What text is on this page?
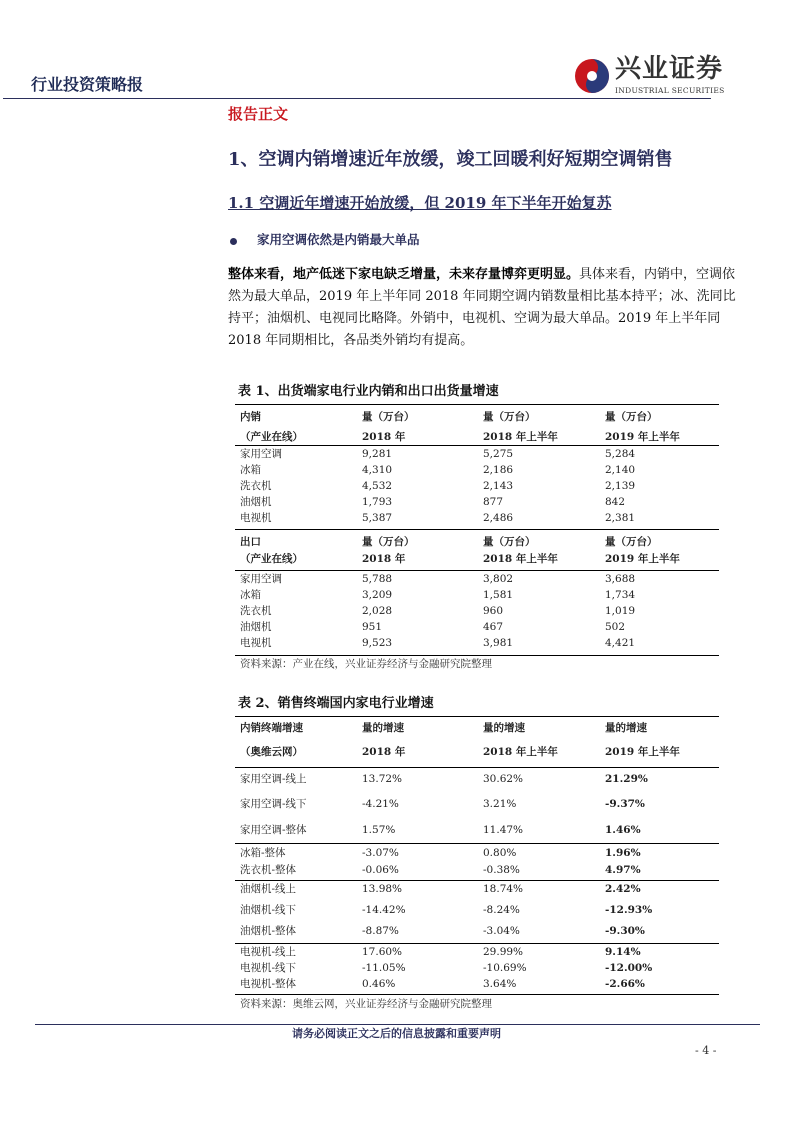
行业投资策略报
兴业证券
INDUSTRIAL SECURITIES
报告正文
1、空调内销增速近年放缓，竣工回暖利好短期空调销售
1.1 空调近年增速开始放缓，但 2019 年下半年开始复苏
家用空调依然是内销最大单品
整体来看，地产低迷下家电缺乏增量，未来存量博弈更明显。具体来看，内销中，空调依然为最大单品，2019 年上半年同 2018 年同期空调内销数量相比基本持平；冰、洗同比持平；油烟机、电视同比略降。外销中，电视机、空调为最大单品。2019 年上半年同 2018 年同期相比，各品类外销均有提高。
表 1、出货端家电行业内销和出口出货量增速
资料来源：产业在线，兴业证券经济与金融研究院整理
表 2、销售终端国内家电行业增速
资料来源：奥维云网，兴业证券经济与金融研究院整理
请务必阅读正文之后的信息披露和重要声明
- 4 -
内销	量（万台）	量（万台）	量（万台）
（产业在线）	2018 年	2018 年上半年	2019 年上半年
家用空调	9,281	5,275	5,284
冰箱	4,310	2,186	2,140
洗衣机	4,532	2,143	2,139
油烟机	1,793	877	842
电视机	5,387	2,486	2,381
出口	量（万台）	量（万台）	量（万台）
（产业在线）	2018 年	2018 年上半年	2019 年上半年
家用空调	5,788	3,802	3,688
冰箱	3,209	1,581	1,734
洗衣机	2,028	960	1,019
油烟机	951	467	502
电视机	9,523	3,981	4,421
内销终端增速	量的增速	量的增速	量的增速
（奥维云网）	2018 年	2018 年上半年	2019 年上半年
家用空调-线上	13.72%	30.62%	21.29%
家用空调-线下	-4.21%	3.21%	-9.37%
家用空调-整体	1.57%	11.47%	1.46%
冰箱-整体	-3.07%	0.80%	1.96%
洗衣机-整体	-0.06%	-0.38%	4.97%
油烟机-线上	13.98%	18.74%	2.42%
油烟机-线下	-14.42%	-8.24%	-12.93%
油烟机-整体	-8.87%	-3.04%	-9.30%
电视机-线上	17.60%	29.99%	9.14%
电视机-线下	-11.05%	-10.69%	-12.00%
电视机-整体	0.46%	3.64%	-2.66%
